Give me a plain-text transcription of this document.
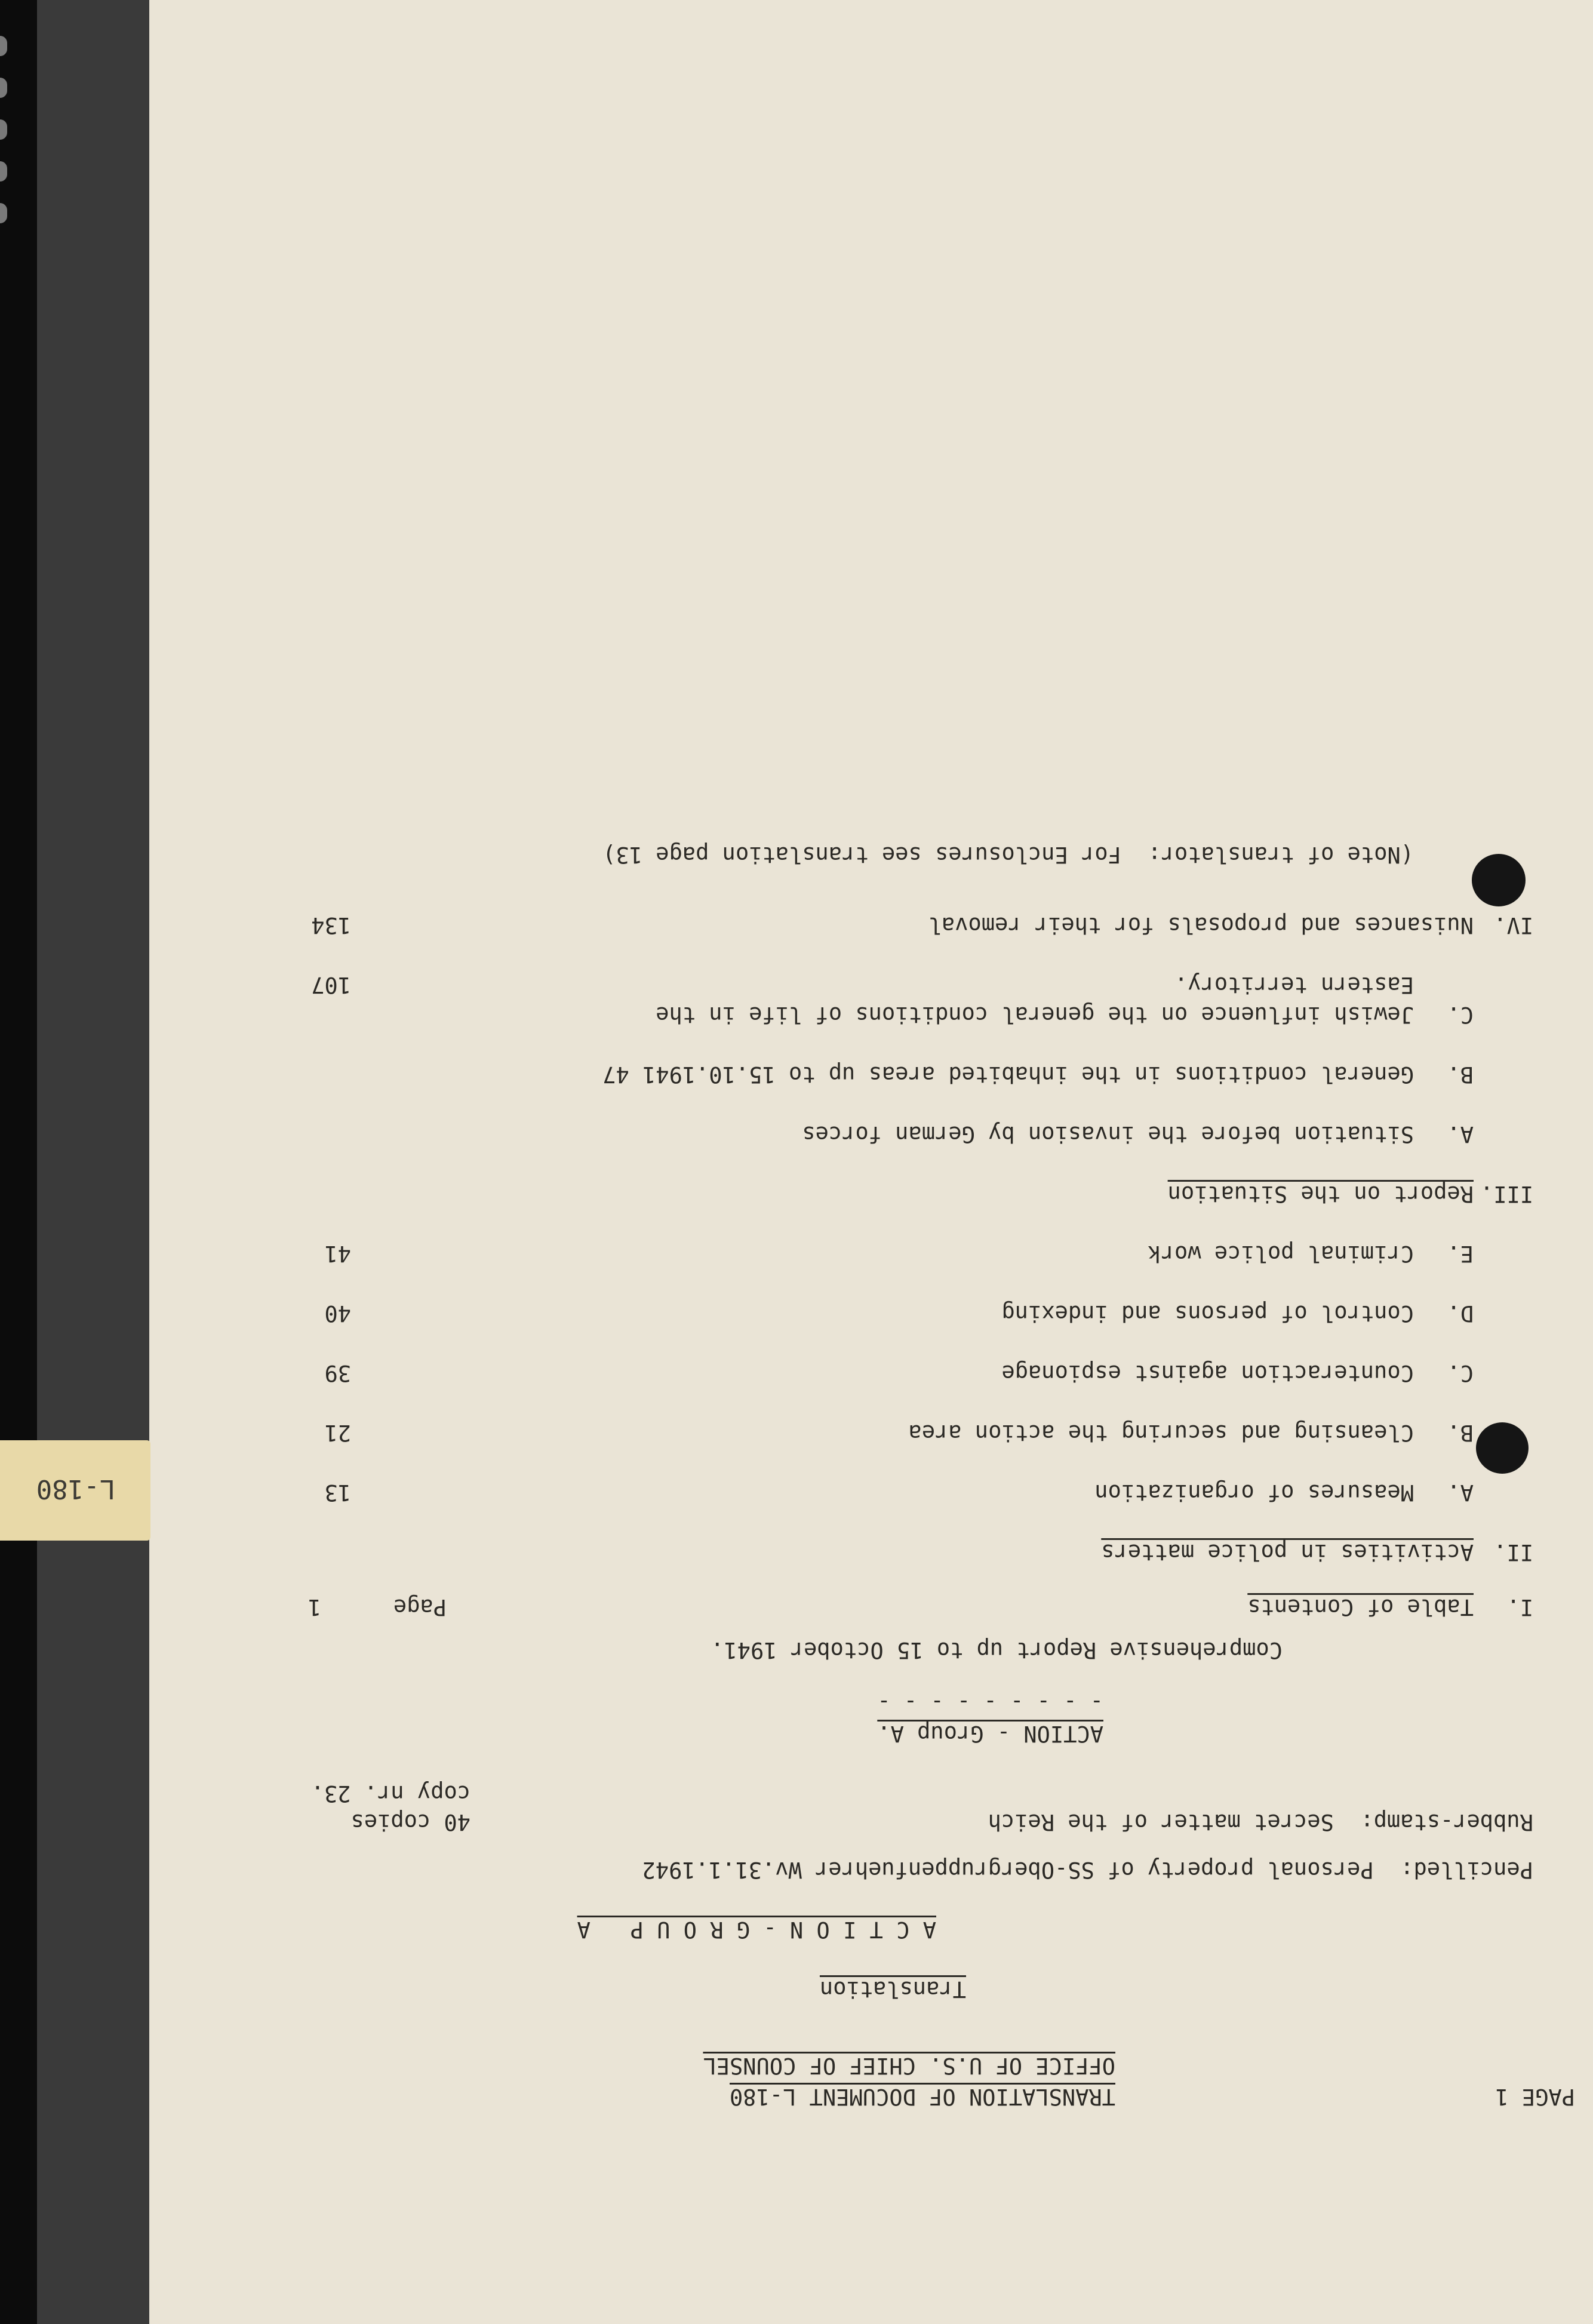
PAGE 1
TRANSLATION OF DOCUMENT L-180
OFFICE OF U.S. CHIEF OF COUNSEL
Translation
A C T I O N - G R O U P   A
Pencilled:  Personal property of SS-Obergruppenfuehrer Wv.31.1.1942
Rubber-stamp:  Secret matter of the Reich
40 copies
copy nr. 23.
ACTION - Group A.
- - - - - - - - -
Comprehensive Report up to 15 October 1941.
I.
Table of Contents
Page
1
II.
Activities in police matters
A.
Measures of organization
13
B.
Cleansing and securing the action area
21
C.
Counteraction against espionage
39
D.
Control of persons and indexing
40
E.
Criminal police work
41
III.
Report on the Situation
A.
Situation before the invasion by German forces
B.
General conditions in the inhabited areas up to 15.10.1941 47
C.
Jewish influence on the general conditions of life in the
Eastern territory.
107
IV.
Nuisances and proposals for their removal
134
(Note of translator:  For Enclosures see translation page 13)
L-180
